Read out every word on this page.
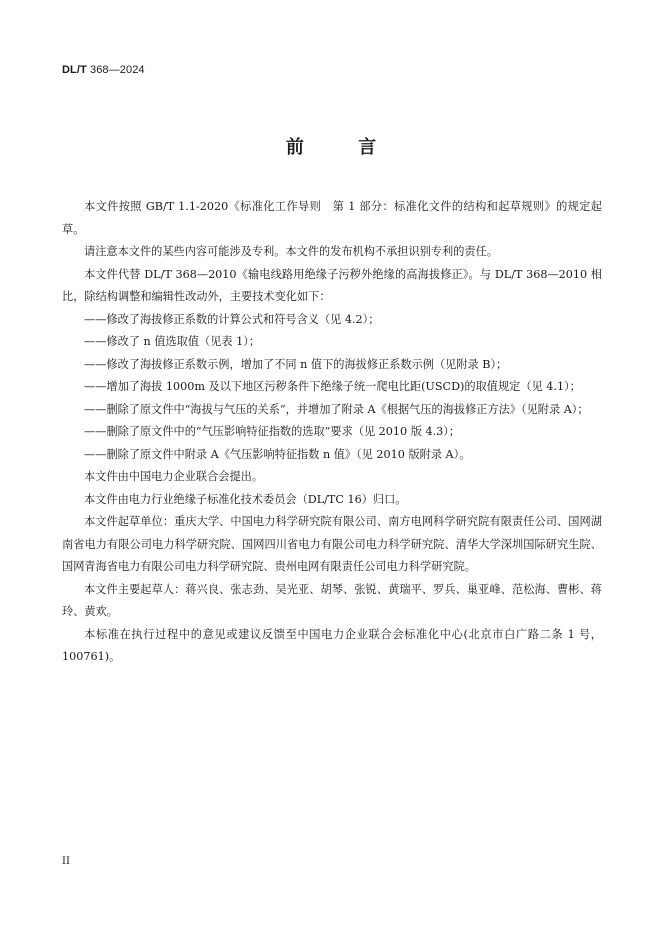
DL/T 368—2024
前 言

本文件按照 GB/T 1.1-2020《标准化工作导则　第 1 部分：标准化文件的结构和起草规则》的规定起草。

请注意本文件的某些内容可能涉及专利。本文件的发布机构不承担识别专利的责任。

本文件代替 DL/T 368—2010《输电线路用绝缘子污秽外绝缘的高海拔修正》。与 DL/T 368—2010 相比，除结构调整和编辑性改动外，主要技术变化如下：

——修改了海拔修正系数的计算公式和符号含义（见 4.2）；

——修改了 n 值选取值（见表 1）；

——修改了海拔修正系数示例，增加了不同 n 值下的海拔修正系数示例（见附录 B）；

——增加了海拔 1000m 及以下地区污秽条件下绝缘子统一爬电比距(USCD)的取值规定（见 4.1）；

——删除了原文件中“海拔与气压的关系”，并增加了附录 A《根据气压的海拔修正方法》（见附录 A）；

——删除了原文件中的“气压影响特征指数的选取”要求（见 2010 版 4.3）；

——删除了原文件中附录 A《气压影响特征指数 n 值》（见 2010 版附录 A）。

本文件由中国电力企业联合会提出。

本文件由电力行业绝缘子标准化技术委员会（DL/TC 16）归口。

本文件起草单位：重庆大学、中国电力科学研究院有限公司、南方电网科学研究院有限责任公司、国网湖南省电力有限公司电力科学研究院、国网四川省电力有限公司电力科学研究院、清华大学深圳国际研究生院、国网青海省电力有限公司电力科学研究院、贵州电网有限责任公司电力科学研究院。

本文件主要起草人：蒋兴良、张志劲、吴光亚、胡琴、张锐、黄瑞平、罗兵、巢亚峰、范松海、曹彬、蒋玲、黄欢。

本标准在执行过程中的意见或建议反馈至中国电力企业联合会标准化中心(北京市白广路二条 1 号，100761)。

II
